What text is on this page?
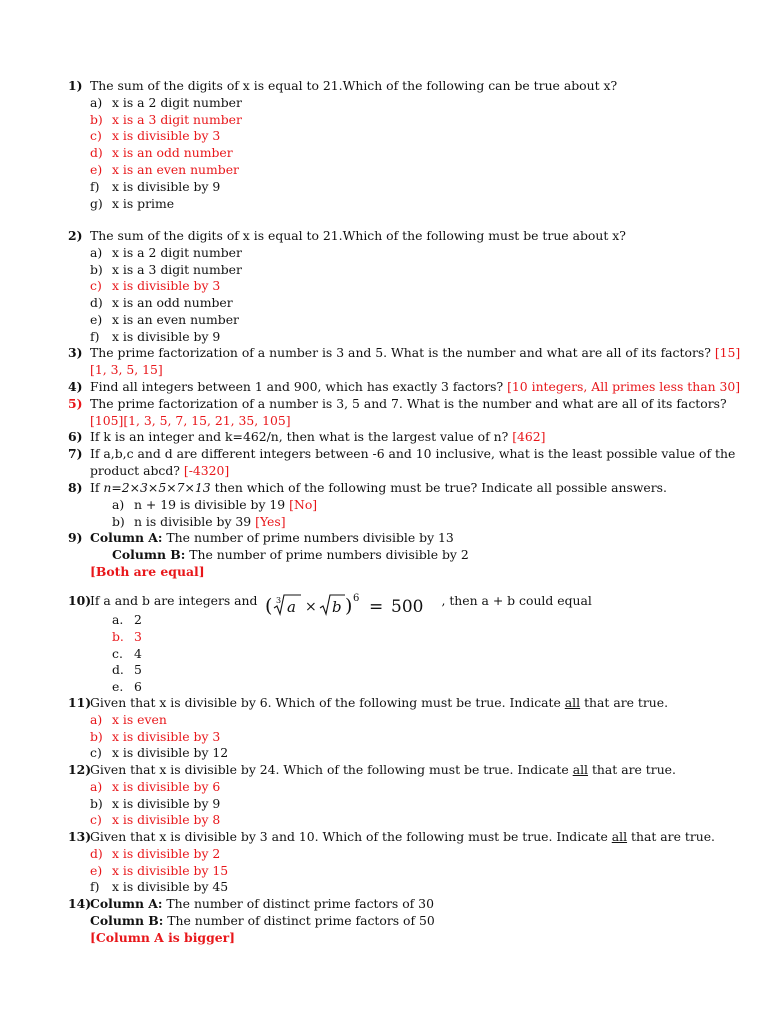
1) The sum of the digits of x is equal to 21.Which of the following can be true about x?
a) x is a 2 digit number
b) x is a 3 digit number
c) x is divisible by 3
d) x is an odd number
e) x is an even number
f) x is divisible by 9
g) x is prime
2) The sum of the digits of x is equal to 21.Which of the following must be true about x?
a) x is a 2 digit number
b) x is a 3 digit number
c) x is divisible by 3
d) x is an odd number
e) x is an even number
f) x is divisible by 9
3) The prime factorization of a number is 3 and 5. What is the number and what are all of its factors? [15]
[1, 3, 5, 15]
4) Find all integers between 1 and 900, which has exactly 3 factors? [10 integers, All primes less than 30]
5) The prime factorization of a number is 3, 5 and 7. What is the number and what are all of its factors?
[105][1, 3, 5, 7, 15, 21, 35, 105]
6) If k is an integer and k=462/n, then what is the largest value of n? [462]
7) If a,b,c and d are different integers between -6 and 10 inclusive, what is the least possible value of the
product abcd? [-4320]
8) If n=2×3×5×7×13 then which of the following must be true? Indicate all possible answers.
a) n + 19 is divisible by 19 [No]
b) n is divisible by 39 [Yes]
9) Column A: The number of prime numbers divisible by 13
Column B: The number of prime numbers divisible by 2
[Both are equal]
10)If a and b are integers and ( 3 a × b ) 6 = 500 , then a + b could equal
a. 2
b. 3
c. 4
d. 5
e. 6
11)Given that x is divisible by 6. Which of the following must be true. Indicate all that are true.
a) x is even
b) x is divisible by 3
c) x is divisible by 12
12)Given that x is divisible by 24. Which of the following must be true. Indicate all that are true.
a) x is divisible by 6
b) x is divisible by 9
c) x is divisible by 8
13)Given that x is divisible by 3 and 10. Which of the following must be true. Indicate all that are true.
d) x is divisible by 2
e) x is divisible by 15
f) x is divisible by 45
14)Column A: The number of distinct prime factors of 30
Column B: The number of distinct prime factors of 50
[Column A is bigger]
